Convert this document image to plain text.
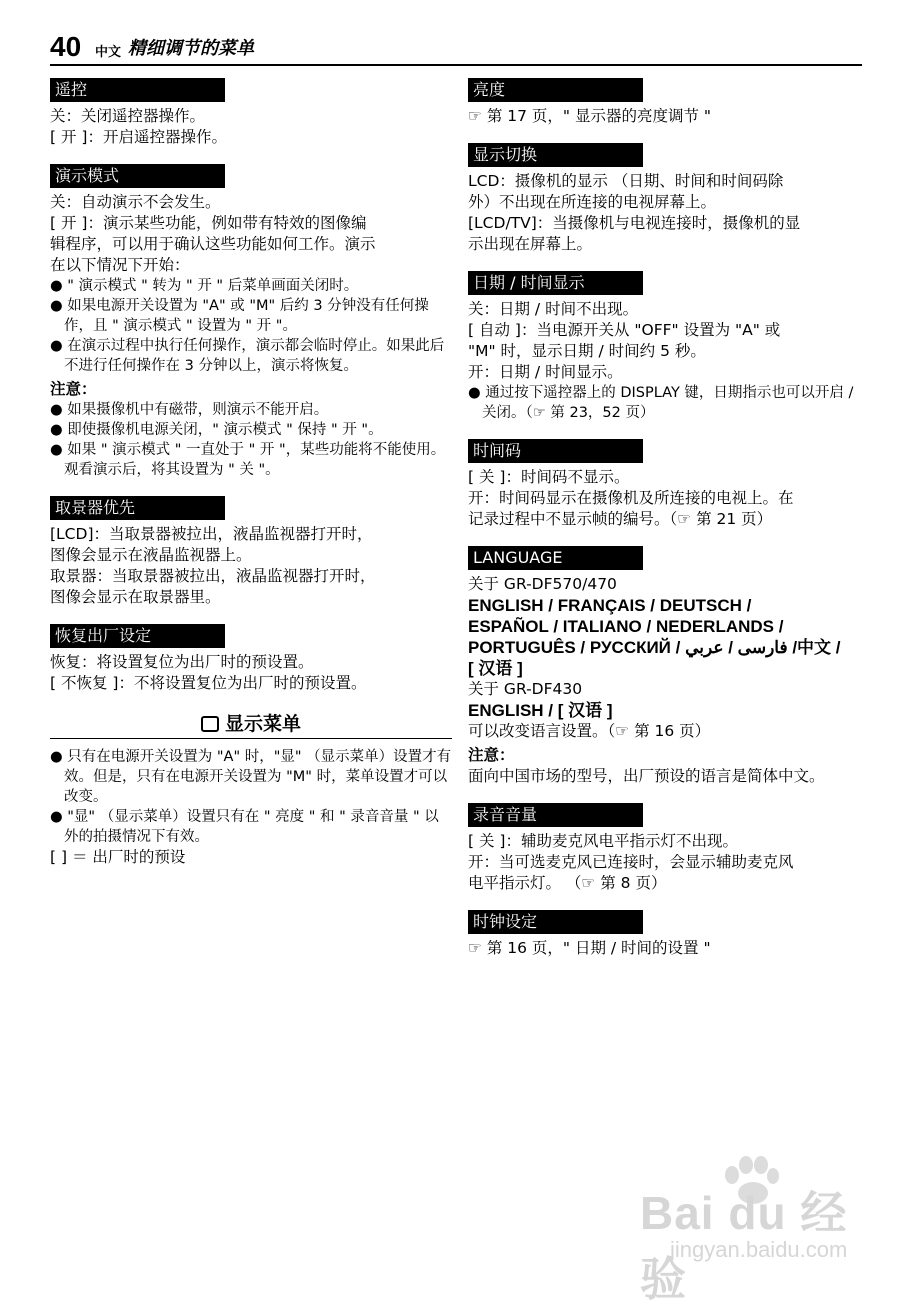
40 中文 精细调节的菜单
遥控
关：关闭遥控器操作。
[ 开 ]：开启遥控器操作。
演示模式
关：自动演示不会发生。
[ 开 ]：演示某些功能，例如带有特效的图像编
辑程序，可以用于确认这些功能如何工作。演示
在以下情况下开始：
● " 演示模式 " 转为 " 开 " 后菜单画面关闭时。
● 如果电源开关设置为 "A" 或 "M" 后约 3 分钟没有任何操作，且 " 演示模式 " 设置为 " 开 "。
● 在演示过程中执行任何操作，演示都会临时停止。如果此后不进行任何操作在 3 分钟以上，演示将恢复。
注意：
● 如果摄像机中有磁带，则演示不能开启。
● 即使摄像机电源关闭，" 演示模式 " 保持 " 开 "。
● 如果 " 演示模式 " 一直处于 " 开 "，某些功能将不能使用。观看演示后，将其设置为 " 关 "。
取景器优先
[LCD]：当取景器被拉出，液晶监视器打开时，
图像会显示在液晶监视器上。
取景器：当取景器被拉出，液晶监视器打开时，
图像会显示在取景器里。
恢复出厂设定
恢复：将设置复位为出厂时的预设置。
[ 不恢复 ]：不将设置复位为出厂时的预设置。
显示菜单
● 只有在电源开关设置为 "A" 时，"显" （显示菜单）设置才有效。但是，只有在电源开关设置为 "M" 时，菜单设置才可以改变。
● "显" （显示菜单）设置只有在 " 亮度 " 和 " 录音音量 " 以外的拍摄情况下有效。
[ ] ＝ 出厂时的预设
亮度
☞ 第 17 页，" 显示器的亮度调节 "
显示切换
LCD：摄像机的显示 （日期、时间和时间码除
外）不出现在所连接的电视屏幕上。
[LCD/TV]：当摄像机与电视连接时，摄像机的显
示出现在屏幕上。
日期 / 时间显示
关：日期 / 时间不出现。
[ 自动 ]：当电源开关从 "OFF" 设置为 "A" 或
"M" 时，显示日期 / 时间约 5 秒。
开：日期 / 时间显示。
● 通过按下遥控器上的 DISPLAY 键，日期指示也可以开启 / 关闭。（☞ 第 23，52 页）
时间码
[ 关 ]：时间码不显示。
开：时间码显示在摄像机及所连接的电视上。在
记录过程中不显示帧的编号。（☞ 第 21 页）
LANGUAGE
关于 GR-DF570/470
ENGLISH / FRANÇAIS / DEUTSCH /
ESPAÑOL / ITALIANO / NEDERLANDS /
PORTUGUÊS / РУССКИЙ / فارسی / عربي /中文 /
[ 汉语 ]
关于 GR-DF430
ENGLISH / [ 汉语 ]
可以改变语言设置。（☞ 第 16 页）
注意：
面向中国市场的型号，出厂预设的语言是简体中文。
录音音量
[ 关 ]：辅助麦克风电平指示灯不出现。
开：当可选麦克风已连接时，会显示辅助麦克风
电平指示灯。 （☞ 第 8 页）
时钟设定
☞ 第 16 页，" 日期 / 时间的设置 "
Bai du 经验
jingyan.baidu.com
